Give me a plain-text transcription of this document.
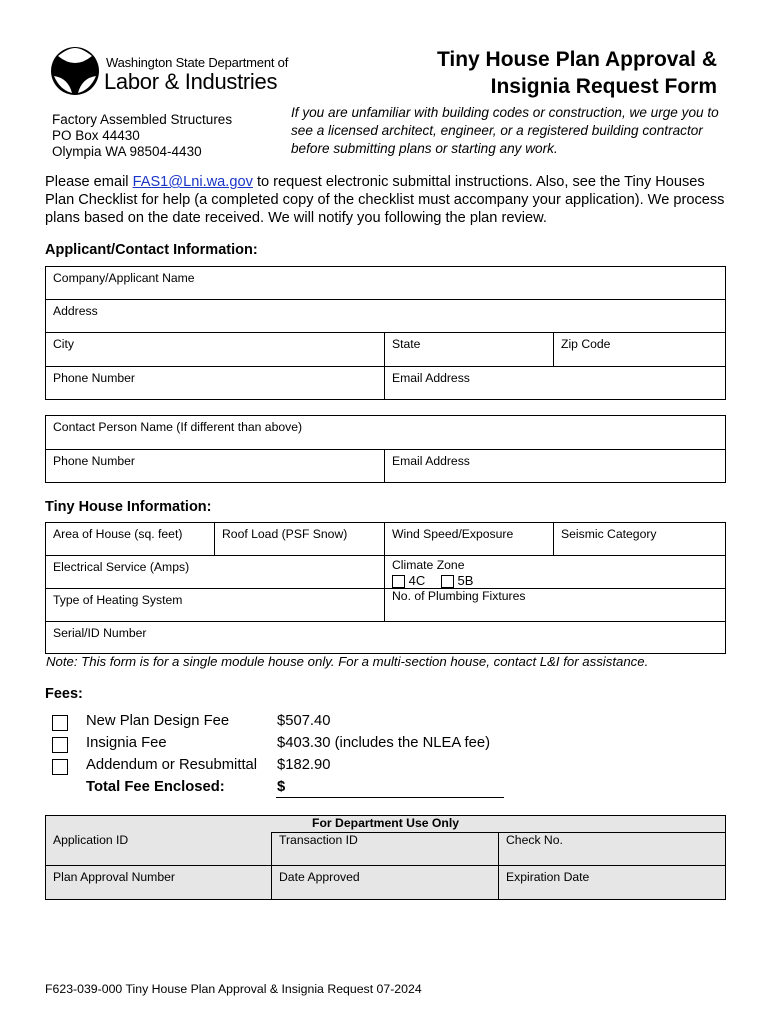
Washington State Department of
Labor & Industries
Tiny House Plan Approval &
Insignia Request Form
Factory Assembled Structures
PO Box 44430
Olympia WA 98504-4430
If you are unfamiliar with building codes or construction, we urge you to see a licensed architect, engineer, or a registered building contractor before submitting plans or starting any work.
Please email FAS1@Lni.wa.gov to request electronic submittal instructions. Also, see the Tiny Houses Plan Checklist for help (a completed copy of the checklist must accompany your application). We process plans based on the date received. We will notify you following the plan review.
Applicant/Contact Information:
Company/Applicant Name		
Address		
City	State	Zip Code
Phone Number	Email Address	
Contact Person Name (If different than above)
Phone Number	Email Address
Tiny House Information:
Area of House (sq. feet)	Roof Load (PSF Snow)	Wind Speed/Exposure	Seismic Category
Electrical Service (Amps)		Climate Zone
4C 5B	

Type of Heating System		No. of Plumbing Fixtures	
Serial/ID Number			
Note: This form is for a single module house only. For a multi-section house, contact L&I for assistance.
Fees:
New Plan Design Fee	$507.40
Insignia Fee	$403.30 (includes the NLEA fee)
Addendum or Resubmittal $182.90
Total Fee Enclosed:	$
For Department Use Only		
Application ID	Transaction ID	Check No.
Plan Approval Number	Date Approved	Expiration Date
F623-039-000 Tiny House Plan Approval & Insignia Request 07-2024
